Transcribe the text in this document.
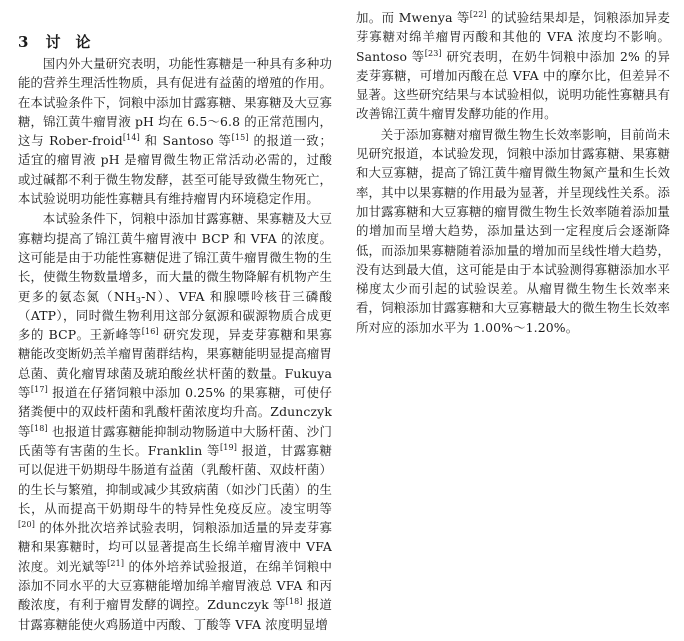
3 讨 论

国内外大量研究表明，功能性寡糖是一种具有多种功能的营养生理活性物质，具有促进有益菌的增殖的作用。在本试验条件下，饲粮中添加甘露寡糖、果寡糖及大豆寡糖，锦江黄牛瘤胃液 pH 均在 6.5～6.8 的正常范围内，这与 Rober-froid[14] 和 Santoso 等[15] 的报道一致；适宜的瘤胃液 pH 是瘤胃微生物正常活动必需的，过酸或过碱都不利于微生物发酵，甚至可能导致微生物死亡，本试验说明功能性寡糖具有维持瘤胃内环境稳定作用。

本试验条件下，饲粮中添加甘露寡糖、果寡糖及大豆寡糖均提高了锦江黄牛瘤胃液中 BCP 和 VFA 的浓度。这可能是由于功能性寡糖促进了锦江黄牛瘤胃微生物的生长，使微生物数量增多，而大量的微生物降解有机物产生更多的氨态氮$(NH_3-N)$、VFA 和腺嘌呤核苷三磷酸（ATP），同时微生物利用这部分氨源和碳源物质合成更多的 BCP。王新峰等[16] 研究发现，异麦芽寡糖和果寡糖能改变断奶羔羊瘤胃菌群结构，果寡糖能明显提高瘤胃总菌、黄化瘤胃球菌及琥珀酸丝状杆菌的数量。Fukuya 等[17] 报道在仔猪饲粮中添加 0.25% 的果寡糖，可使仔猪粪便中的双歧杆菌和乳酸杆菌浓度均升高。Zdunczyk 等[18] 也报道甘露寡糖能抑制动物肠道中大肠杆菌、沙门氏菌等有害菌的生长。Franklin 等[19] 报道，甘露寡糖可以促进干奶期母牛肠道有益菌（乳酸杆菌、双歧杆菌）的生长与繁殖，抑制或减少其致病菌（如沙门氏菌）的生长，从而提高干奶期母牛的特异性免疫反应。凌宝明等[20] 的体外批次培养试验表明，饲粮添加适量的异麦芽寡糖和果寡糖时，均可以显著提高生长绵羊瘤胃液中 VFA 浓度。刘光斌等[21] 的体外培养试验报道，在绵羊饲粮中添加不同水平的大豆寡糖能增加绵羊瘤胃液总 VFA 和丙酸浓度，有利于瘤胃发酵的调控。Zdunczyk 等[18] 报道甘露寡糖能使火鸡肠道中丙酸、丁酸等 VFA 浓度明显增

加。而 Mwenya 等[22] 的试验结果却是，饲粮添加异麦芽寡糖对绵羊瘤胃丙酸和其他的 VFA 浓度均不影响。Santoso 等[23] 研究表明，在奶牛饲粮中添加 2% 的异麦芽寡糖，可增加丙酸在总 VFA 中的摩尔比，但差异不显著。这些研究结果与本试验相似，说明功能性寡糖具有改善锦江黄牛瘤胃发酵功能的作用。

关于添加寡糖对瘤胃微生物生长效率影响，目前尚未见研究报道，本试验发现，饲粮中添加甘露寡糖、果寡糖和大豆寡糖，提高了锦江黄牛瘤胃微生物氮产量和生长效率，其中以果寡糖的作用最为显著，并呈现线性关系。添加甘露寡糖和大豆寡糖的瘤胃微生物生长效率随着添加量的增加而呈增大趋势，添加量达到一定程度后会逐渐降低，而添加果寡糖随着添加量的增加而呈线性增大趋势，没有达到最大值，这可能是由于本试验测得寡糖添加水平梯度太少而引起的试验误差。从瘤胃微生物生长效率来看，饲粮添加甘露寡糖和大豆寡糖最大的微生物生长效率所对应的添加水平为 1.00%～1.20%。
